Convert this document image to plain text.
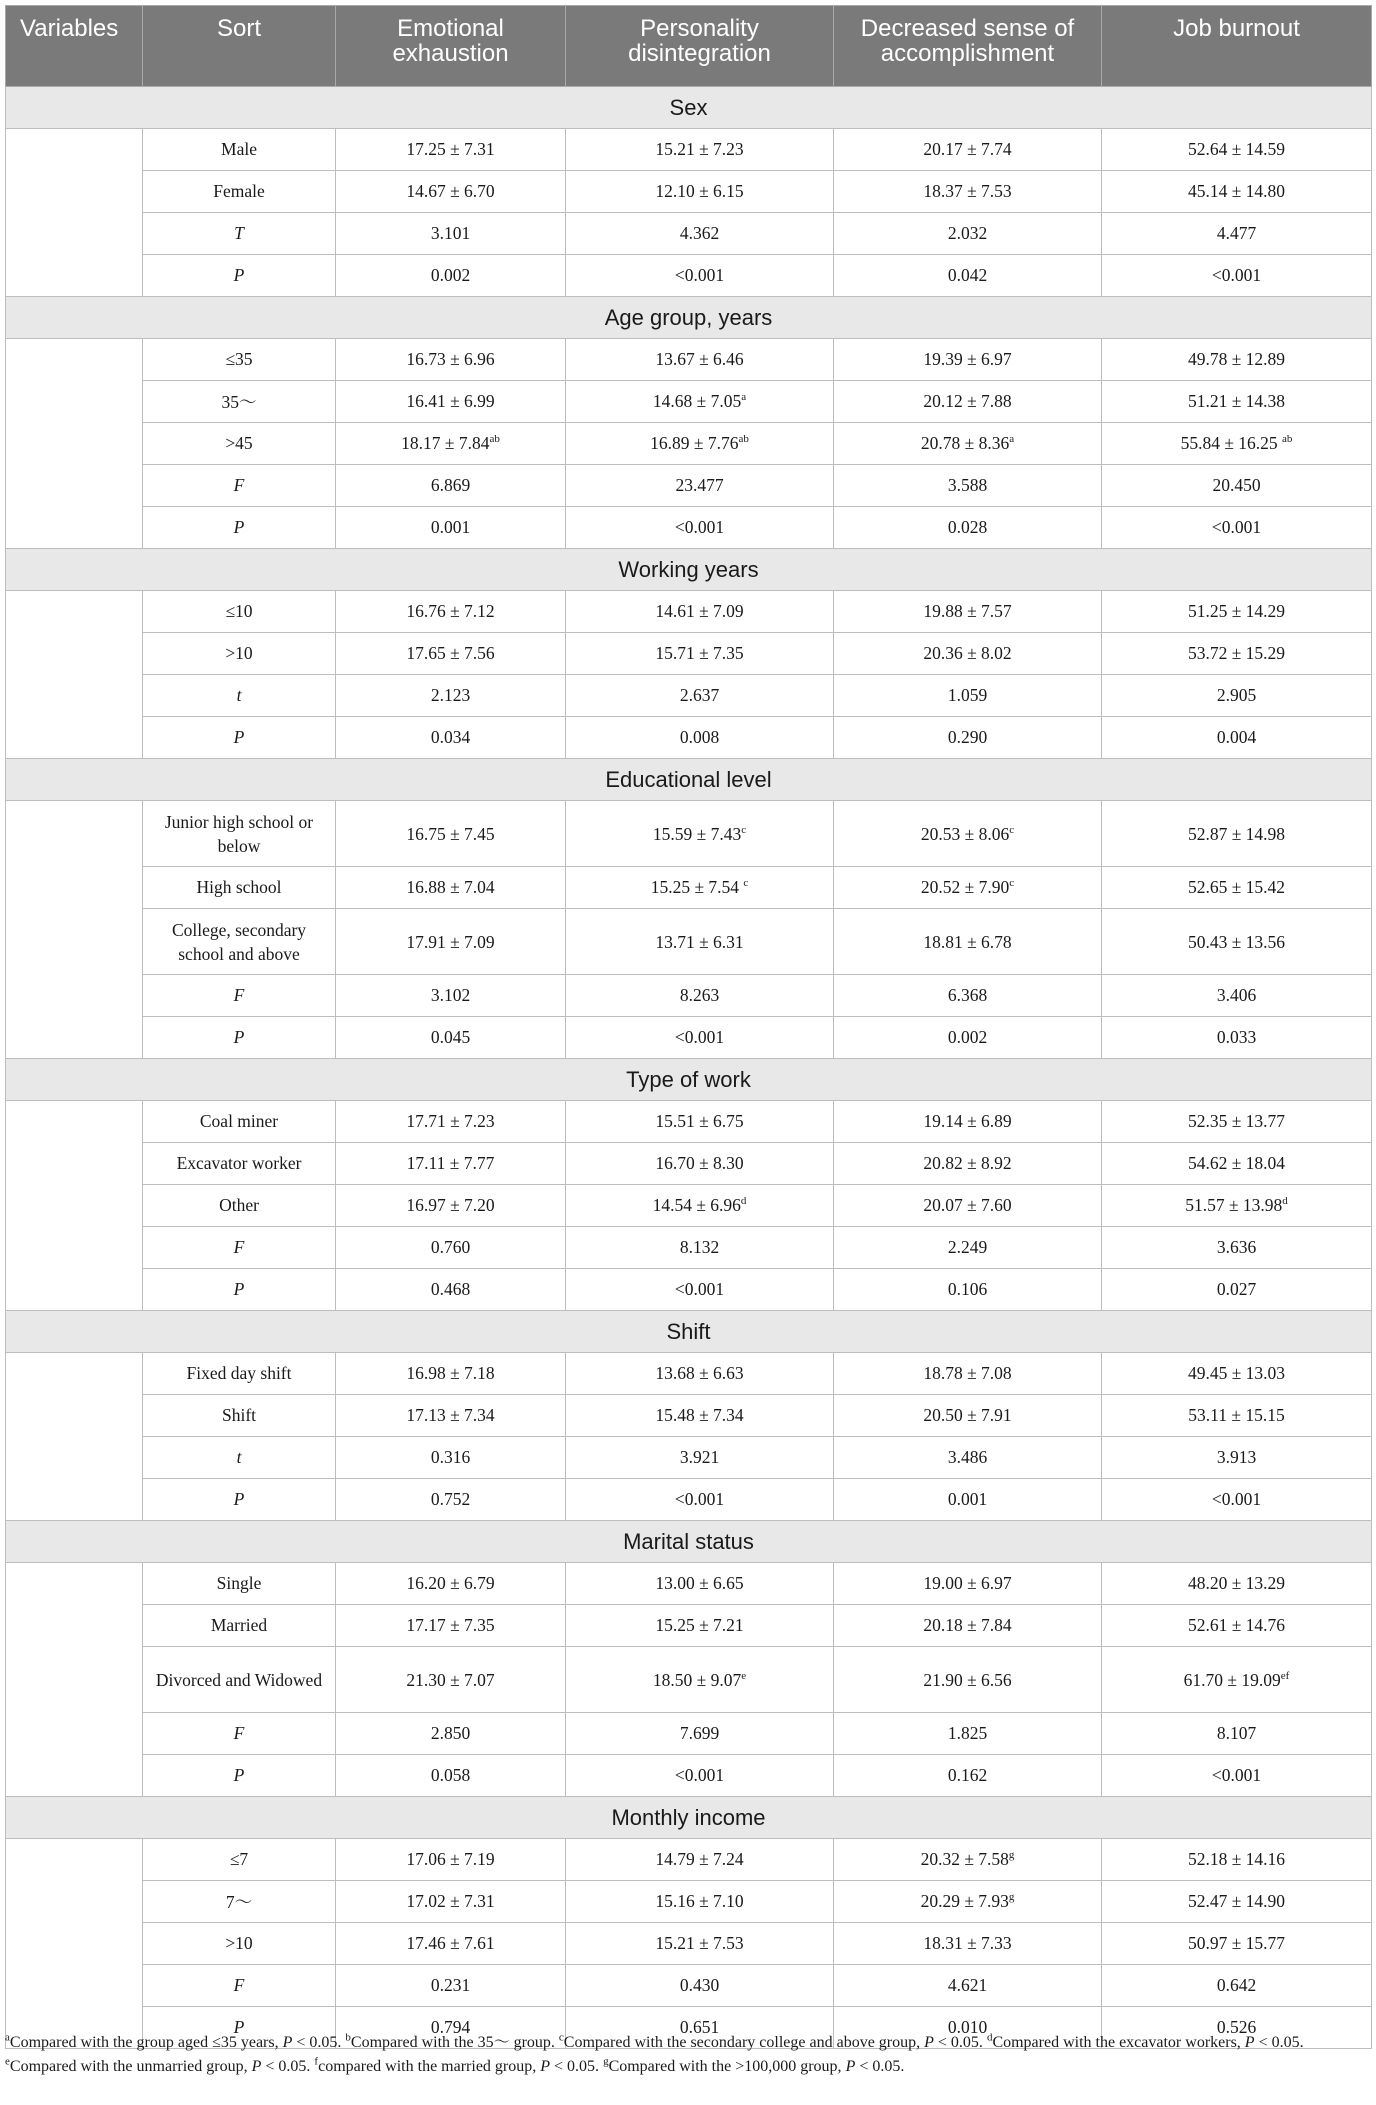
Variables	Sort	Emotional exhaustion	Personality disintegration	Decreased sense of accomplishment	Job burnout
Sex					
	Male	17.25 ± 7.31	15.21 ± 7.23	20.17 ± 7.74	52.64 ± 14.59
	Female	14.67 ± 6.70	12.10 ± 6.15	18.37 ± 7.53	45.14 ± 14.80
	T	3.101	4.362	2.032	4.477
	P	0.002	<0.001	0.042	<0.001
Age group, years					
	≤35	16.73 ± 6.96	13.67 ± 6.46	19.39 ± 6.97	49.78 ± 12.89
	35～	16.41 ± 6.99	14.68 ± 7.05$^a$	20.12 ± 7.88	51.21 ± 14.38
	>45	18.17 ± 7.84$^{ab}$	16.89 ± 7.76$^{ab}$	20.78 ± 8.36$^a$	55.84 ± 16.25 $^{ab}$
	F	6.869	23.477	3.588	20.450
	P	0.001	<0.001	0.028	<0.001
Working years					
	≤10	16.76 ± 7.12	14.61 ± 7.09	19.88 ± 7.57	51.25 ± 14.29
	>10	17.65 ± 7.56	15.71 ± 7.35	20.36 ± 8.02	53.72 ± 15.29
	t	2.123	2.637	1.059	2.905
	P	0.034	0.008	0.290	0.004
Educational level					
	Junior high school or below	16.75 ± 7.45	15.59 ± 7.43$^c$	20.53 ± 8.06$^c$	52.87 ± 14.98
	High school	16.88 ± 7.04	15.25 ± 7.54 $^c$	20.52 ± 7.90$^c$	52.65 ± 15.42
	College, secondary school and above	17.91 ± 7.09	13.71 ± 6.31	18.81 ± 6.78	50.43 ± 13.56
	F	3.102	8.263	6.368	3.406
	P	0.045	<0.001	0.002	0.033
Type of work					
	Coal miner	17.71 ± 7.23	15.51 ± 6.75	19.14 ± 6.89	52.35 ± 13.77
	Excavator worker	17.11 ± 7.77	16.70 ± 8.30	20.82 ± 8.92	54.62 ± 18.04
	Other	16.97 ± 7.20	14.54 ± 6.96$^d$	20.07 ± 7.60	51.57 ± 13.98$^d$
	F	0.760	8.132	2.249	3.636
	P	0.468	<0.001	0.106	0.027
Shift					
	Fixed day shift	16.98 ± 7.18	13.68 ± 6.63	18.78 ± 7.08	49.45 ± 13.03
	Shift	17.13 ± 7.34	15.48 ± 7.34	20.50 ± 7.91	53.11 ± 15.15
	t	0.316	3.921	3.486	3.913
	P	0.752	<0.001	0.001	<0.001
Marital status					
	Single	16.20 ± 6.79	13.00 ± 6.65	19.00 ± 6.97	48.20 ± 13.29
	Married	17.17 ± 7.35	15.25 ± 7.21	20.18 ± 7.84	52.61 ± 14.76
	Divorced and Widowed	21.30 ± 7.07	18.50 ± 9.07$^e$	21.90 ± 6.56	61.70 ± 19.09$^{ef}$
	F	2.850	7.699	1.825	8.107
	P	0.058	<0.001	0.162	<0.001
Monthly income					
	≤7	17.06 ± 7.19	14.79 ± 7.24	20.32 ± 7.58$^g$	52.18 ± 14.16
	7～	17.02 ± 7.31	15.16 ± 7.10	20.29 ± 7.93$^g$	52.47 ± 14.90
	>10	17.46 ± 7.61	15.21 ± 7.53	18.31 ± 7.33	50.97 ± 15.77
	F	0.231	0.430	4.621	0.642
	P	0.794	0.651	0.010	0.526
$^a$Compared with the group aged ≤35 years, P < 0.05. $^b$Compared with the 35～ group. $^c$Compared with the secondary college and above group, P < 0.05. $^d$Compared with the excavator workers, P < 0.05. $^e$Compared with the unmarried group, P < 0.05. $^f$compared with the married group, P < 0.05. $^g$Compared with the >100,000 group, P < 0.05.
